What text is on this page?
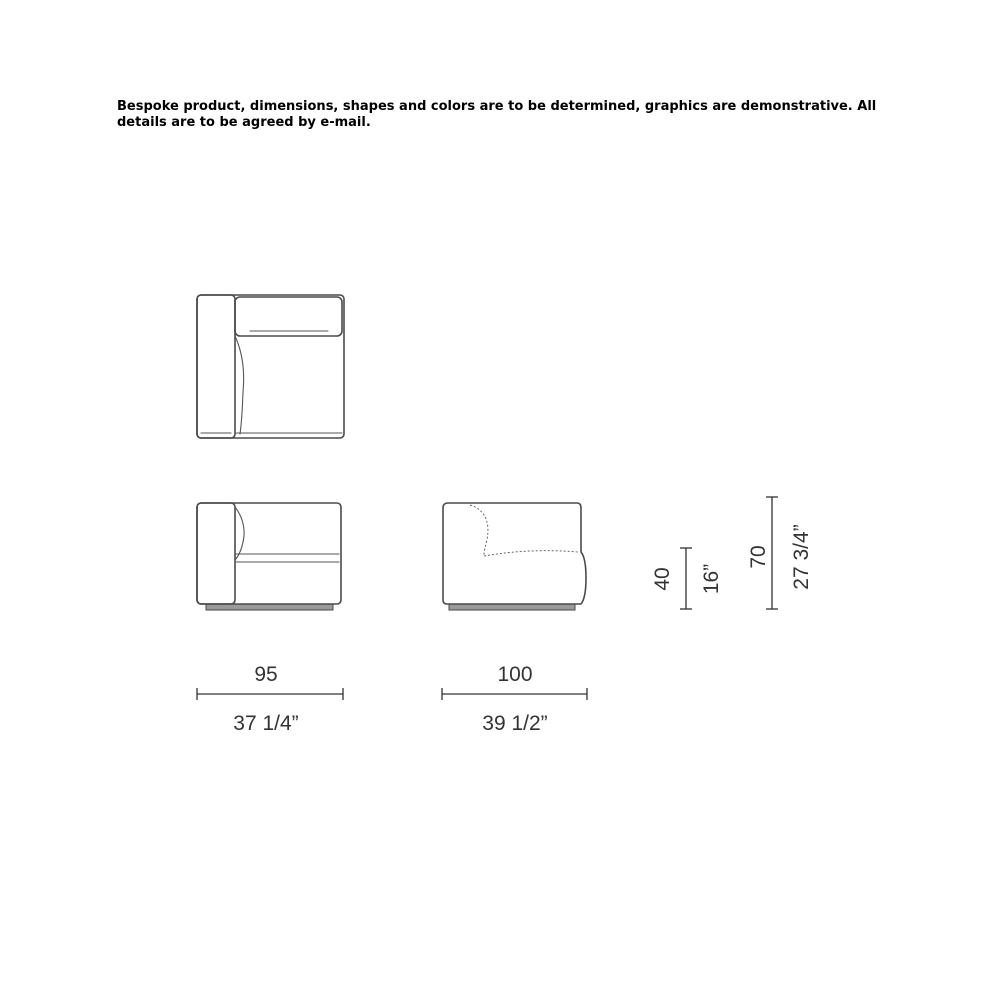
Bespoke product, dimensions, shapes and colors are to be determined, graphics are demonstrative. All details are to be agreed by e-mail.

95
37 1/4”
100
39 1/2”
40 16”
70 27 3/4”
